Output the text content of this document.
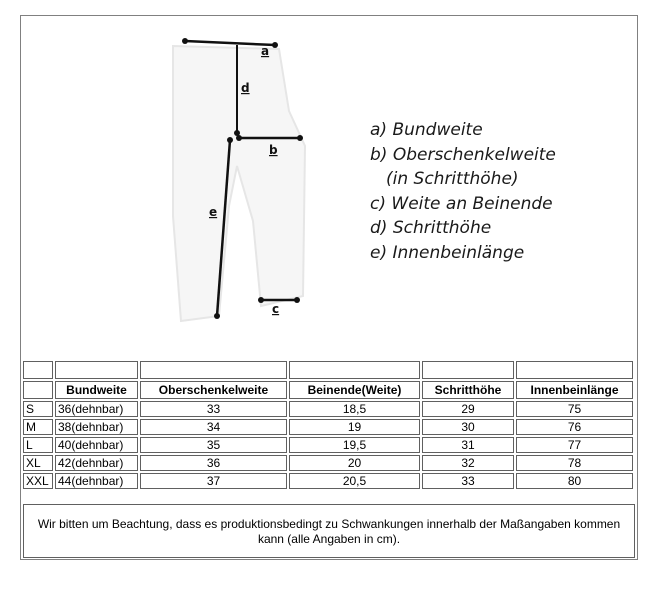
a
d
b
e
c
a) Bundweite
b) Oberschenkelweite
(in Schritthöhe)
c) Weite an Beinende
d) Schritthöhe
e) Innenbeinlänge

	Bundweite	Oberschenkelweite	Beinende(Weite)	Schritthöhe	Innenbeinlänge
S	36(dehnbar)	33	18,5	29	75
M	38(dehnbar)	34	19	30	76
L	40(dehnbar)	35	19,5	31	77
XL	42(dehnbar)	36	20	32	78
XXL	44(dehnbar)	37	20,5	33	80
Wir bitten um Beachtung, dass es produktionsbedingt zu Schwankungen innerhalb der Maßangaben kommen kann (alle Angaben in cm).
